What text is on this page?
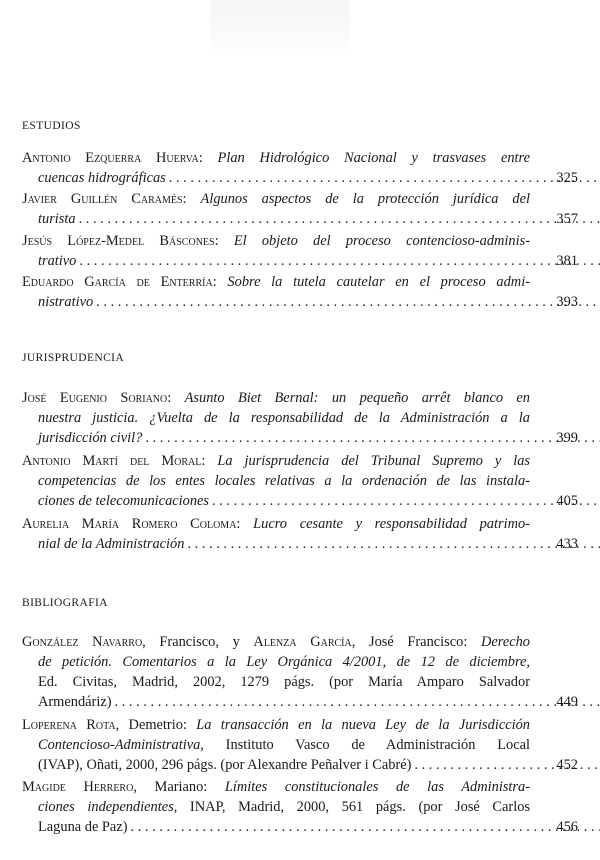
ESTUDIOS
Antonio Ezquerra Huerva: Plan Hidrológico Nacional y trasvases entre
cuencas hidrográficas . . .	325
Javier Guillén Caramés: Algunos aspectos de la protección jurídica del
turista . . .	357
Jesús López-Medel Báscones: El objeto del proceso contencioso-adminis-
trativo . . .	381
Eduardo García de Enterría: Sobre la tutela cautelar en el proceso admi-
nistrativo . . .	393
JURISPRUDENCIA
José Eugenio Soriano: Asunto Biet Bernal: un pequeño arrêt blanco en
nuestra justicia. ¿Vuelta de la responsabilidad de la Administración a la
jurisdicción civil? . . .	399
Antonio Martí del Moral: La jurisprudencia del Tribunal Supremo y las
competencias de los entes locales relativas a la ordenación de las instala-
ciones de telecomunicaciones . . .	405
Aurelia María Romero Coloma: Lucro cesante y responsabilidad patrimo-
nial de la Administración . . .	433
BIBLIOGRAFIA
González Navarro, Francisco, y Alenza García, José Francisco: Derecho
de petición. Comentarios a la Ley Orgánica 4/2001, de 12 de diciembre,
Ed. Civitas, Madrid, 2002, 1279 págs. (por María Amparo Salvador
Armendáriz) . . .	449
Loperena Rota, Demetrio: La transacción en la nueva Ley de la Jurisdicción
Contencioso-Administrativa, Instituto Vasco de Administración Local
(IVAP), Oñati, 2000, 296 págs. (por Alexandre Peñalver i Cabré) . . .	452
Magide Herrero, Mariano: Límites constitucionales de las Administra-
ciones independientes, INAP, Madrid, 2000, 561 págs. (por José Carlos
Laguna de Paz) . . .	456
